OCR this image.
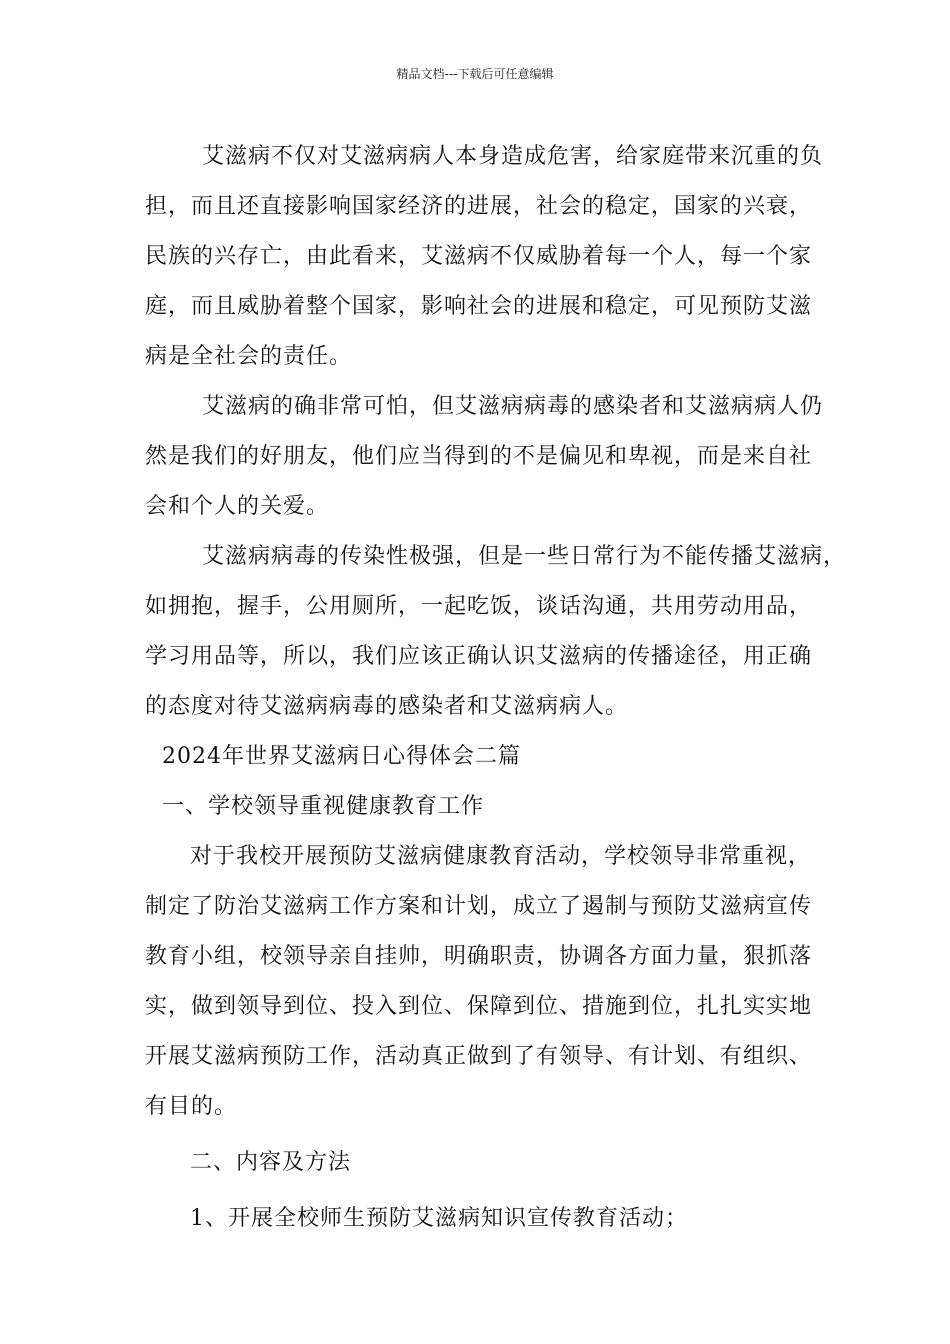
精品文档---下载后可任意编辑
艾滋病不仅对艾滋病病人本身造成危害，给家庭带来沉重的负
担，而且还直接影响国家经济的进展，社会的稳定，国家的兴衰，
民族的兴存亡，由此看来，艾滋病不仅威胁着每一个人，每一个家
庭，而且威胁着整个国家，影响社会的进展和稳定，可见预防艾滋
病是全社会的责任。
艾滋病的确非常可怕，但艾滋病病毒的感染者和艾滋病病人仍
然是我们的好朋友，他们应当得到的不是偏见和卑视，而是来自社
会和个人的关爱。
艾滋病病毒的传染性极强，但是一些日常行为不能传播艾滋病，
如拥抱，握手，公用厕所，一起吃饭，谈话沟通，共用劳动用品，
学习用品等，所以，我们应该正确认识艾滋病的传播途径，用正确
的态度对待艾滋病病毒的感染者和艾滋病病人。
2024年世界艾滋病日心得体会二篇
一、学校领导重视健康教育工作
对于我校开展预防艾滋病健康教育活动，学校领导非常重视，
制定了防治艾滋病工作方案和计划，成立了遏制与预防艾滋病宣传
教育小组，校领导亲自挂帅，明确职责，协调各方面力量，狠抓落
实，做到领导到位、投入到位、保障到位、措施到位，扎扎实实地
开展艾滋病预防工作，活动真正做到了有领导、有计划、有组织、
有目的。
二、内容及方法
1、开展全校师生预防艾滋病知识宣传教育活动；
